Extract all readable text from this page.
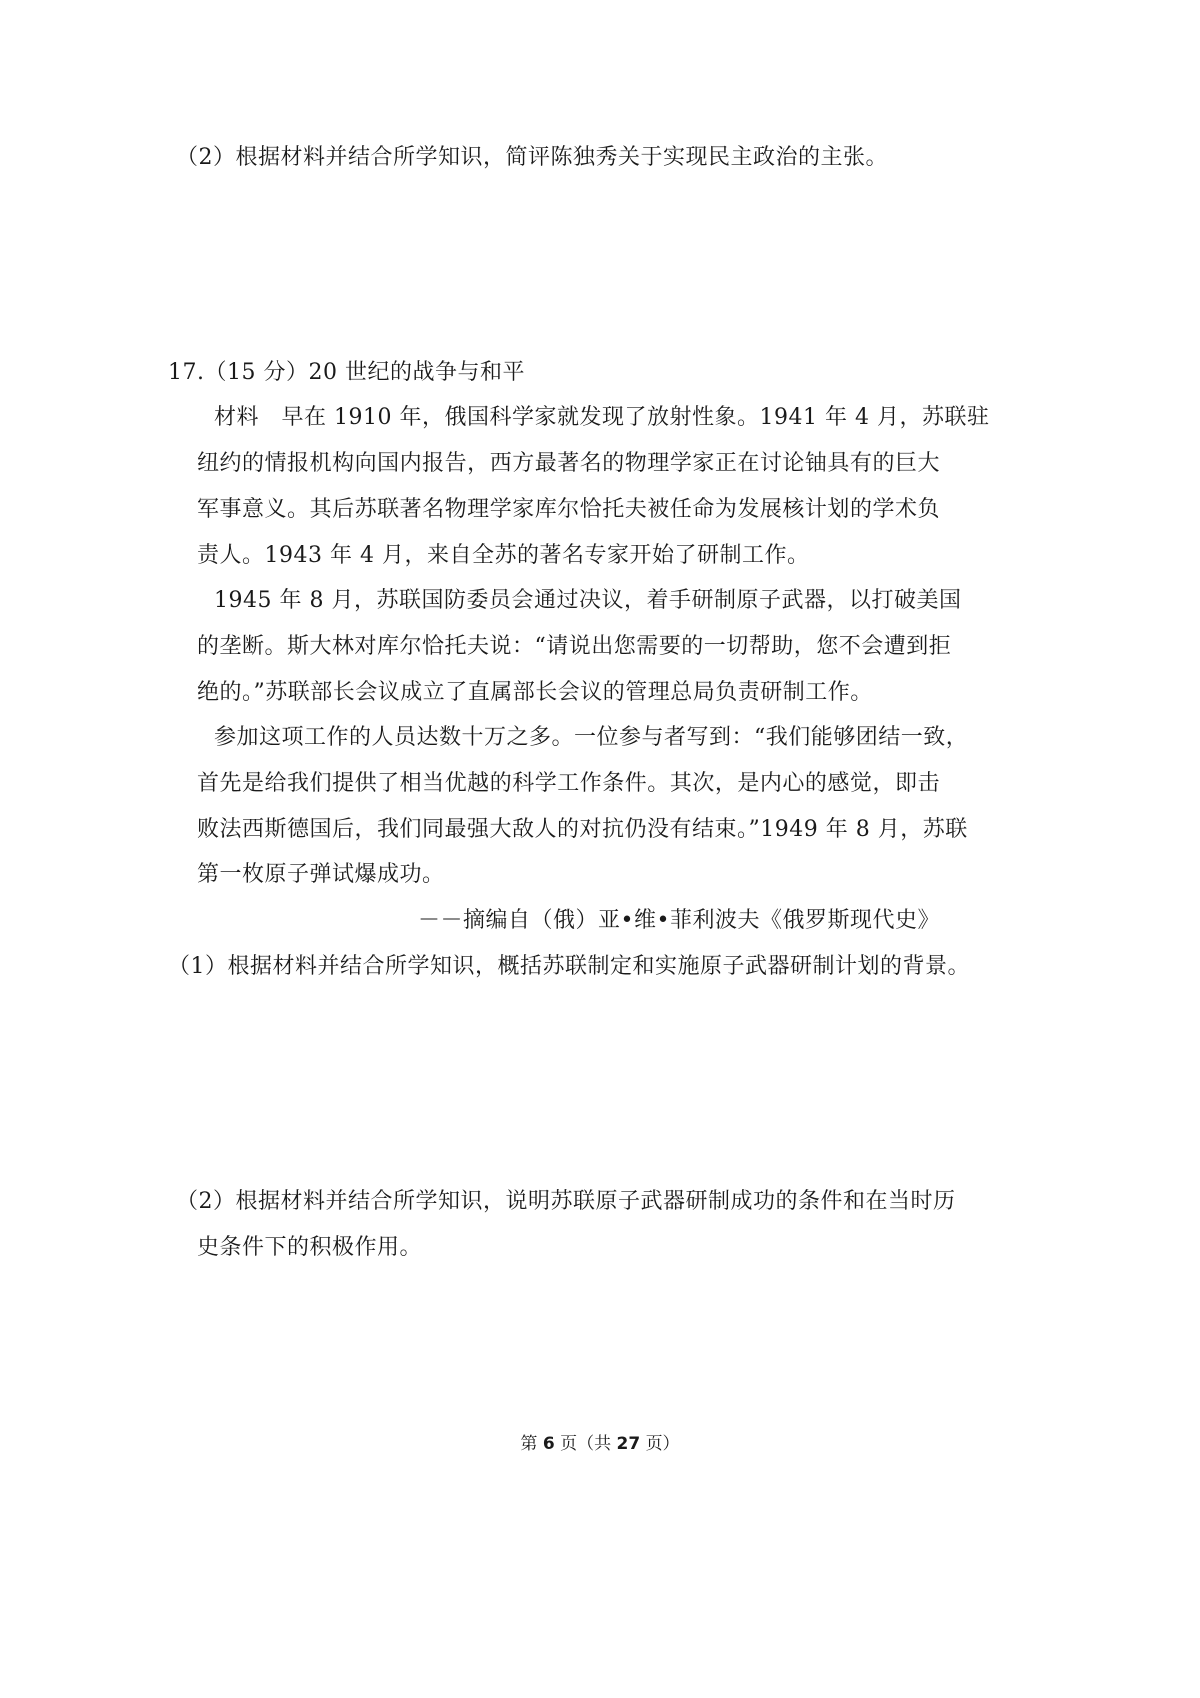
（2）根据材料并结合所学知识，简评陈独秀关于实现民主政治的主张。
17.（15 分）20 世纪的战争与和平
材料　早在 1910 年，俄国科学家就发现了放射性象。1941 年 4 月，苏联驻
纽约的情报机构向国内报告，西方最著名的物理学家正在讨论铀具有的巨大
军事意义。其后苏联著名物理学家库尔恰托夫被任命为发展核计划的学术负
责人。1943 年 4 月，来自全苏的著名专家开始了研制工作。
1945 年 8 月，苏联国防委员会通过决议，着手研制原子武器，以打破美国
的垄断。斯大林对库尔恰托夫说：“请说出您需要的一切帮助，您不会遭到拒
绝的。”苏联部长会议成立了直属部长会议的管理总局负责研制工作。
参加这项工作的人员达数十万之多。一位参与者写到：“我们能够团结一致，
首先是给我们提供了相当优越的科学工作条件。其次，是内心的感觉，即击
败法西斯德国后，我们同最强大敌人的对抗仍没有结束。”1949 年 8 月，苏联
第一枚原子弹试爆成功。
－－摘编自（俄）亚•维•菲利波夫《俄罗斯现代史》
（1）根据材料并结合所学知识，概括苏联制定和实施原子武器研制计划的背景。
（2）根据材料并结合所学知识，说明苏联原子武器研制成功的条件和在当时历
史条件下的积极作用。
第 6 页（共 27 页）
